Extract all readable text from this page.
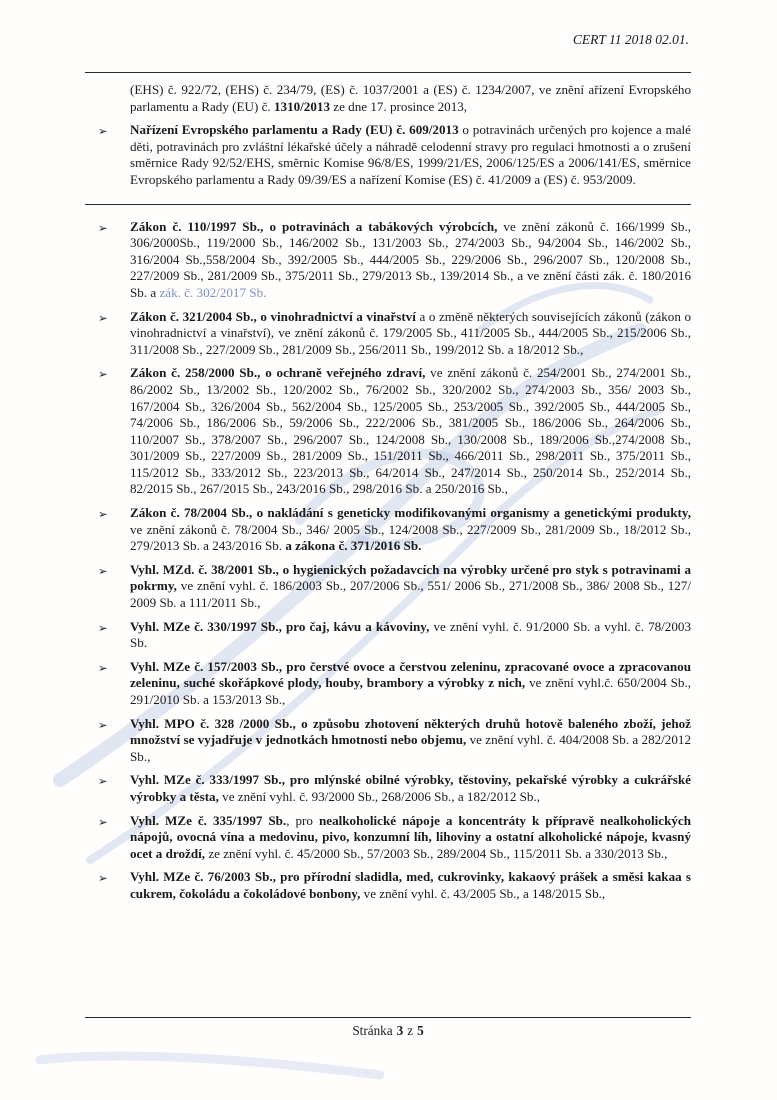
CERT 11 2018 02.01.
(EHS) č. 922/72, (EHS) č. 234/79, (ES) č. 1037/2001 a (ES) č. 1234/2007, ve znění ařízení Evropského parlamentu a Rady (EU) č. 1310/2013 ze dne 17. prosince 2013,
➢ Nařízení Evropského parlamentu a Rady (EU) č. 609/2013 o potravinách určených pro kojence a malé děti, potravinách pro zvláštní lékařské účely a náhradě celodenní stravy pro regulaci hmotnosti a o zrušení směrnice Rady 92/52/EHS, směrnic Komise 96/8/ES, 1999/21/ES, 2006/125/ES a 2006/141/ES, směrnice Evropského parlamentu a Rady 09/39/ES a nařízení Komise (ES) č. 41/2009 a (ES) č. 953/2009.
➢ Zákon č. 110/1997 Sb., o potravinách a tabákových výrobcích, ve znění zákonů č. 166/1999 Sb., 306/2000Sb., 119/2000 Sb., 146/2002 Sb., 131/2003 Sb., 274/2003 Sb., 94/2004 Sb., 146/2002 Sb., 316/2004 Sb.,558/2004 Sb., 392/2005 Sb., 444/2005 Sb., 229/2006 Sb., 296/2007 Sb., 120/2008 Sb., 227/2009 Sb., 281/2009 Sb., 375/2011 Sb., 279/2013 Sb., 139/2014 Sb., a ve znění části zák. č. 180/2016 Sb. a zák. č. 302/2017 Sb.
➢ Zákon č. 321/2004 Sb., o vinohradnictví a vinařství a o změně některých souvisejících zákonů (zákon o vinohradnictví a vinařství), ve znění zákonů č. 179/2005 Sb., 411/2005 Sb., 444/2005 Sb., 215/2006 Sb., 311/2008 Sb., 227/2009 Sb., 281/2009 Sb., 256/2011 Sb., 199/2012 Sb. a 18/2012 Sb.,
➢ Zákon č. 258/2000 Sb., o ochraně veřejného zdraví, ve znění zákonů č. 254/2001 Sb., 274/2001 Sb., 86/2002 Sb., 13/2002 Sb., 120/2002 Sb., 76/2002 Sb., 320/2002 Sb., 274/2003 Sb., 356/ 2003 Sb., 167/2004 Sb., 326/2004 Sb., 562/2004 Sb., 125/2005 Sb., 253/2005 Sb., 392/2005 Sb., 444/2005 Sb., 74/2006 Sb., 186/2006 Sb., 59/2006 Sb., 222/2006 Sb., 381/2005 Sb., 186/2006 Sb., 264/2006 Sb., 110/2007 Sb., 378/2007 Sb., 296/2007 Sb., 124/2008 Sb., 130/2008 Sb., 189/2006 Sb.,274/2008 Sb., 301/2009 Sb., 227/2009 Sb., 281/2009 Sb., 151/2011 Sb., 466/2011 Sb., 298/2011 Sb., 375/2011 Sb., 115/2012 Sb., 333/2012 Sb., 223/2013 Sb., 64/2014 Sb., 247/2014 Sb., 250/2014 Sb., 252/2014 Sb., 82/2015 Sb., 267/2015 Sb., 243/2016 Sb., 298/2016 Sb. a 250/2016 Sb.,
➢ Zákon č. 78/2004 Sb., o nakládání s geneticky modifikovanými organismy a genetickými produkty, ve znění zákonů č. 78/2004 Sb., 346/ 2005 Sb., 124/2008 Sb., 227/2009 Sb., 281/2009 Sb., 18/2012 Sb., 279/2013 Sb. a 243/2016 Sb. a zákona č. 371/2016 Sb.
➢ Vyhl. MZd. č. 38/2001 Sb., o hygienických požadavcích na výrobky určené pro styk s potravinami a pokrmy, ve znění vyhl. č. 186/2003 Sb., 207/2006 Sb., 551/ 2006 Sb., 271/2008 Sb., 386/ 2008 Sb., 127/ 2009 Sb. a 111/2011 Sb.,
➢ Vyhl. MZe č. 330/1997 Sb., pro čaj, kávu a kávoviny, ve znění vyhl. č. 91/2000 Sb. a vyhl. č. 78/2003 Sb.
➢ Vyhl. MZe č. 157/2003 Sb., pro čerstvé ovoce a čerstvou zeleninu, zpracované ovoce a zpracovanou zeleninu, suché skořápkové plody, houby, brambory a výrobky z nich, ve znění vyhl.č. 650/2004 Sb., 291/2010 Sb. a 153/2013 Sb.,
➢ Vyhl. MPO č. 328 /2000 Sb., o způsobu zhotovení některých druhů hotově baleného zboží, jehož množství se vyjadřuje v jednotkách hmotnosti nebo objemu, ve znění vyhl. č. 404/2008 Sb. a 282/2012 Sb.,
➢ Vyhl. MZe č. 333/1997 Sb., pro mlýnské obilné výrobky, těstoviny, pekařské výrobky a cukrářské výrobky a těsta, ve znění vyhl. č. 93/2000 Sb., 268/2006 Sb., a 182/2012 Sb.,
➢ Vyhl. MZe č. 335/1997 Sb., pro nealkoholické nápoje a koncentráty k přípravě nealkoholických nápojů, ovocná vína a medovinu, pivo, konzumní líh, lihoviny a ostatní alkoholické nápoje, kvasný ocet a droždí, ze znění vyhl. č. 45/2000 Sb., 57/2003 Sb., 289/2004 Sb., 115/2011 Sb. a 330/2013 Sb.,
➢ Vyhl. MZe č. 76/2003 Sb., pro přírodní sladidla, med, cukrovinky, kakaový prášek a směsi kakaa s cukrem, čokoládu a čokoládové bonbony, ve znění vyhl. č. 43/2005 Sb., a 148/2015 Sb.,
Stránka 3 z 5
